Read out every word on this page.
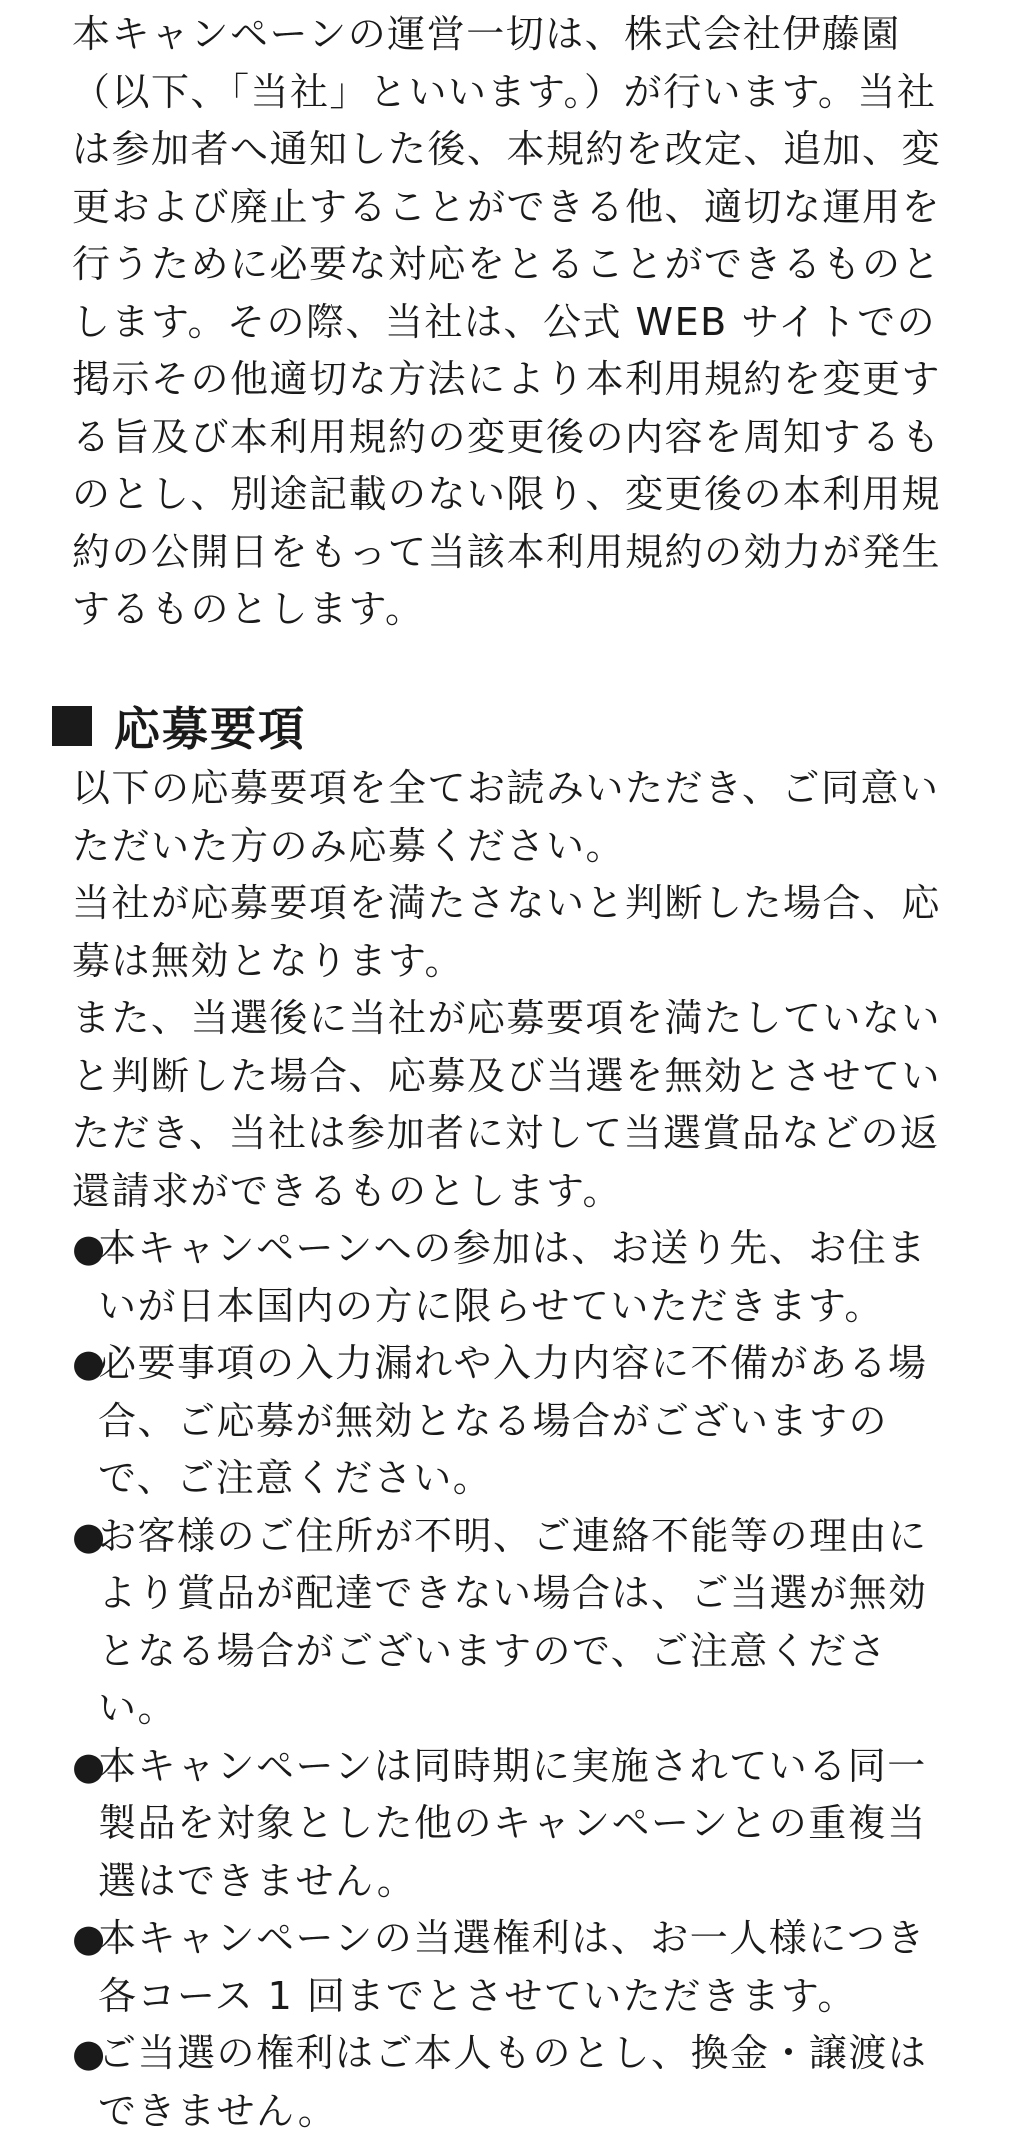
本キャンペーンの運営一切は、株式会社伊藤園（以下、「当社」といいます。）が行います。当社は参加者へ通知した後、本規約を改定、追加、変更および廃止することができる他、適切な運用を行うために必要な対応をとることができるものとします。その際、当社は、公式 WEB サイトでの掲示その他適切な方法により本利用規約を変更する旨及び本利用規約の変更後の内容を周知するものとし、別途記載のない限り、変更後の本利用規約の公開日をもって当該本利用規約の効力が発生するものとします。

応募要項

以下の応募要項を全てお読みいただき、ご同意いただいた方のみ応募ください。

当社が応募要項を満たさないと判断した場合、応募は無効となります。

また、当選後に当社が応募要項を満たしていないと判断した場合、応募及び当選を無効とさせていただき、当社は参加者に対して当選賞品などの返還請求ができるものとします。

●
本キャンペーンへの参加は、お送り先、お住まいが日本国内の方に限らせていただきます。
●
必要事項の入力漏れや入力内容に不備がある場合、ご応募が無効となる場合がございますので、ご注意ください。
●
お客様のご住所が不明、ご連絡不能等の理由により賞品が配達できない場合は、ご当選が無効となる場合がございますので、ご注意ください。
●
本キャンペーンは同時期に実施されている同一製品を対象とした他のキャンペーンとの重複当選はできません。
●
本キャンペーンの当選権利は、お一人様につき各コース 1 回までとさせていただきます。
●
ご当選の権利はご本人ものとし、換金・譲渡はできません。
